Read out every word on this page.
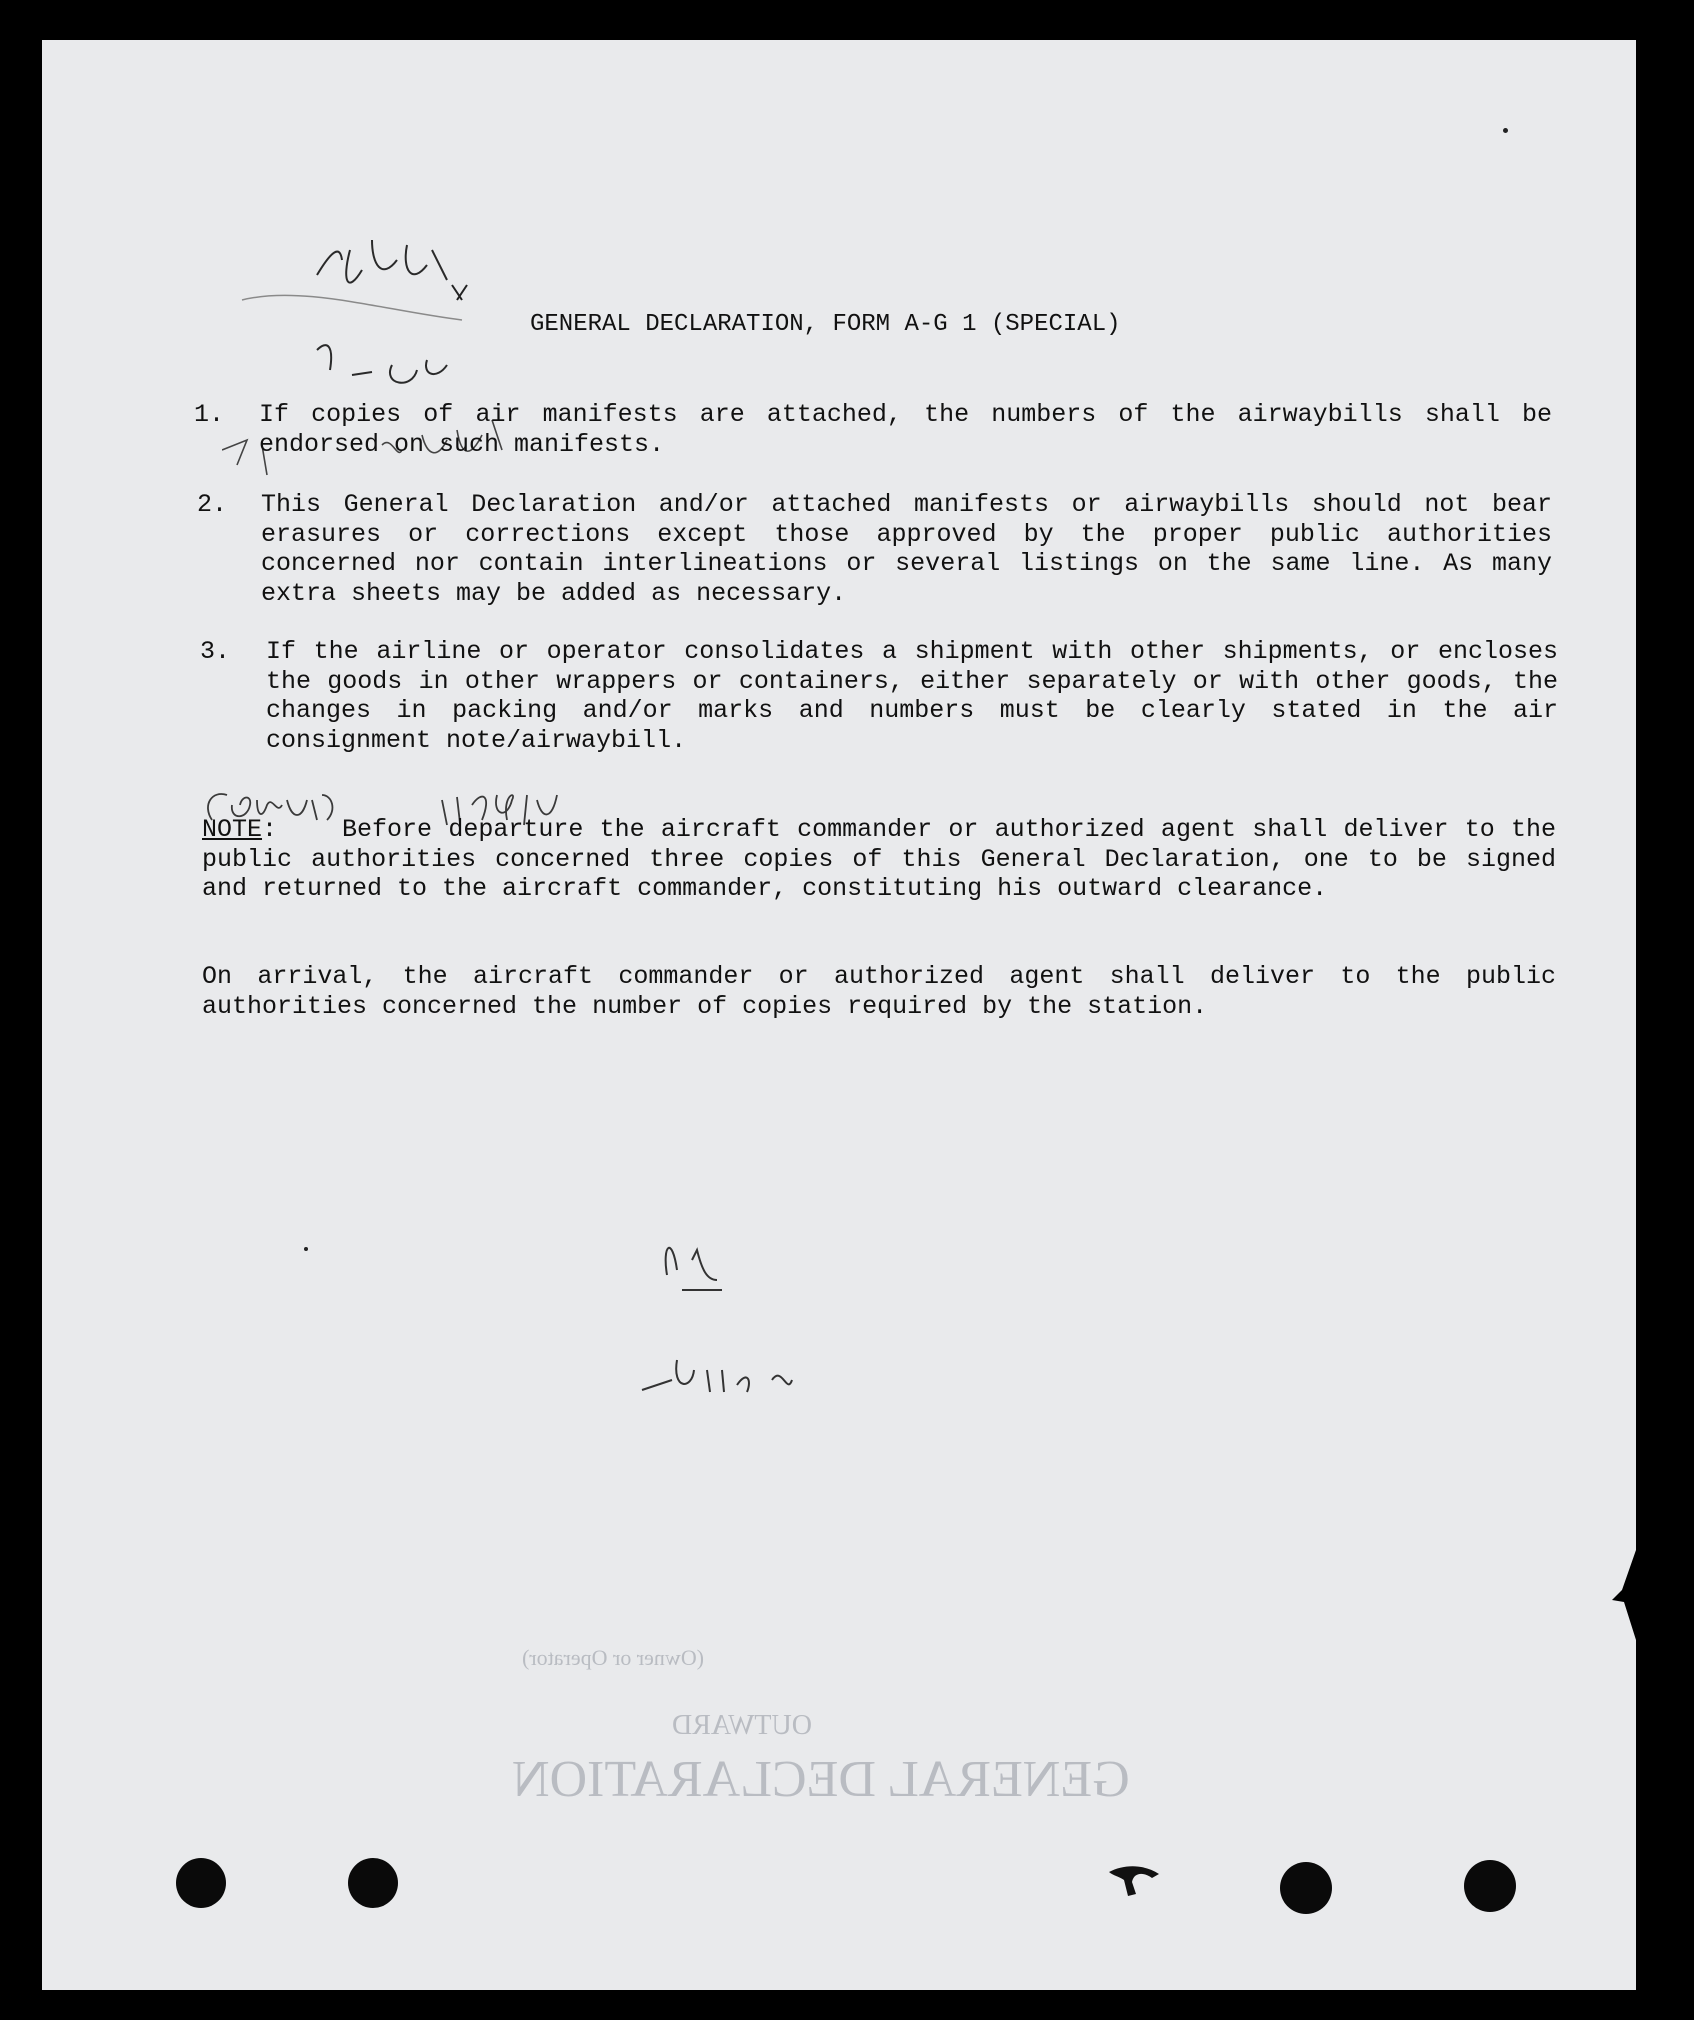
GENERAL DECLARATION
OUTWARD
(Owner or Operator)
GENERAL DECLARATION, FORM A-G 1 (SPECIAL)
1. If copies of air manifests are attached, the numbers of the airwaybills shall be endorsed on such manifests.
2. This General Declaration and/or attached manifests or airwaybills should not bear erasures or corrections except those approved by the proper public authorities concerned nor contain interlineations or several listings on the same line. As many extra sheets may be added as necessary.
3. If the airline or operator consolidates a shipment with other shipments, or encloses the goods in other wrappers or containers, either separately or with other goods, the changes in packing and/or marks and numbers must be clearly stated in the air consignment note/airwaybill.
NOTE:    Before departure the aircraft commander or authorized agent shall deliver to the public authorities concerned three copies of this General Declaration, one to be signed and returned to the aircraft commander, constituting his outward clearance.
On arrival, the aircraft commander or authorized agent shall deliver to the public authorities concerned the number of copies required by the station.
